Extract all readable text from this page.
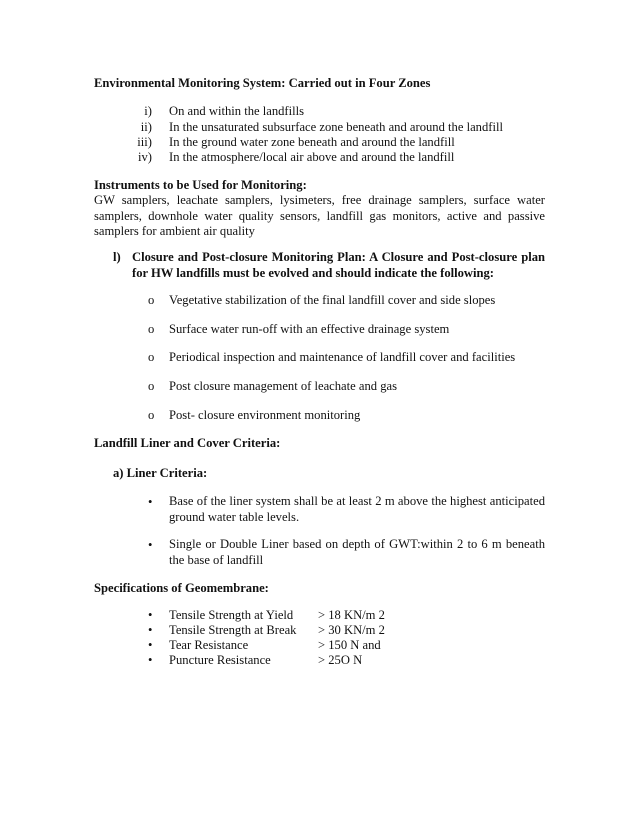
Environmental Monitoring System: Carried out in Four Zones
i) On and within the landfills
ii) In the unsaturated subsurface zone beneath and around the landfill
iii) In the ground water zone beneath and around the landfill
iv) In the atmosphere/local air above and around the landfill
Instruments to be Used for Monitoring:
GW samplers, leachate samplers, lysimeters, free drainage samplers, surface water samplers, downhole water quality sensors, landfill gas monitors, active and passive samplers for ambient air quality
l) Closure and Post-closure Monitoring Plan: A Closure and Post-closure plan for HW landfills must be evolved and should indicate the following:
o Vegetative stabilization of the final landfill cover and side slopes
o Surface water run-off with an effective drainage system
o Periodical inspection and maintenance of landfill cover and facilities
o Post closure management of leachate and gas
o Post- closure environment monitoring
Landfill Liner and Cover Criteria:
a) Liner Criteria:
• Base of the liner system shall be at least 2 m above the highest anticipated ground water table levels.
• Single or Double Liner based on depth of GWT:within 2 to 6 m beneath the base of landfill
Specifications of Geomembrane:
• Tensile Strength at Yield > 18 KN/m 2
• Tensile Strength at Break > 30 KN/m 2
• Tear Resistance	> 150 N and
• Puncture Resistance	> 25O N
